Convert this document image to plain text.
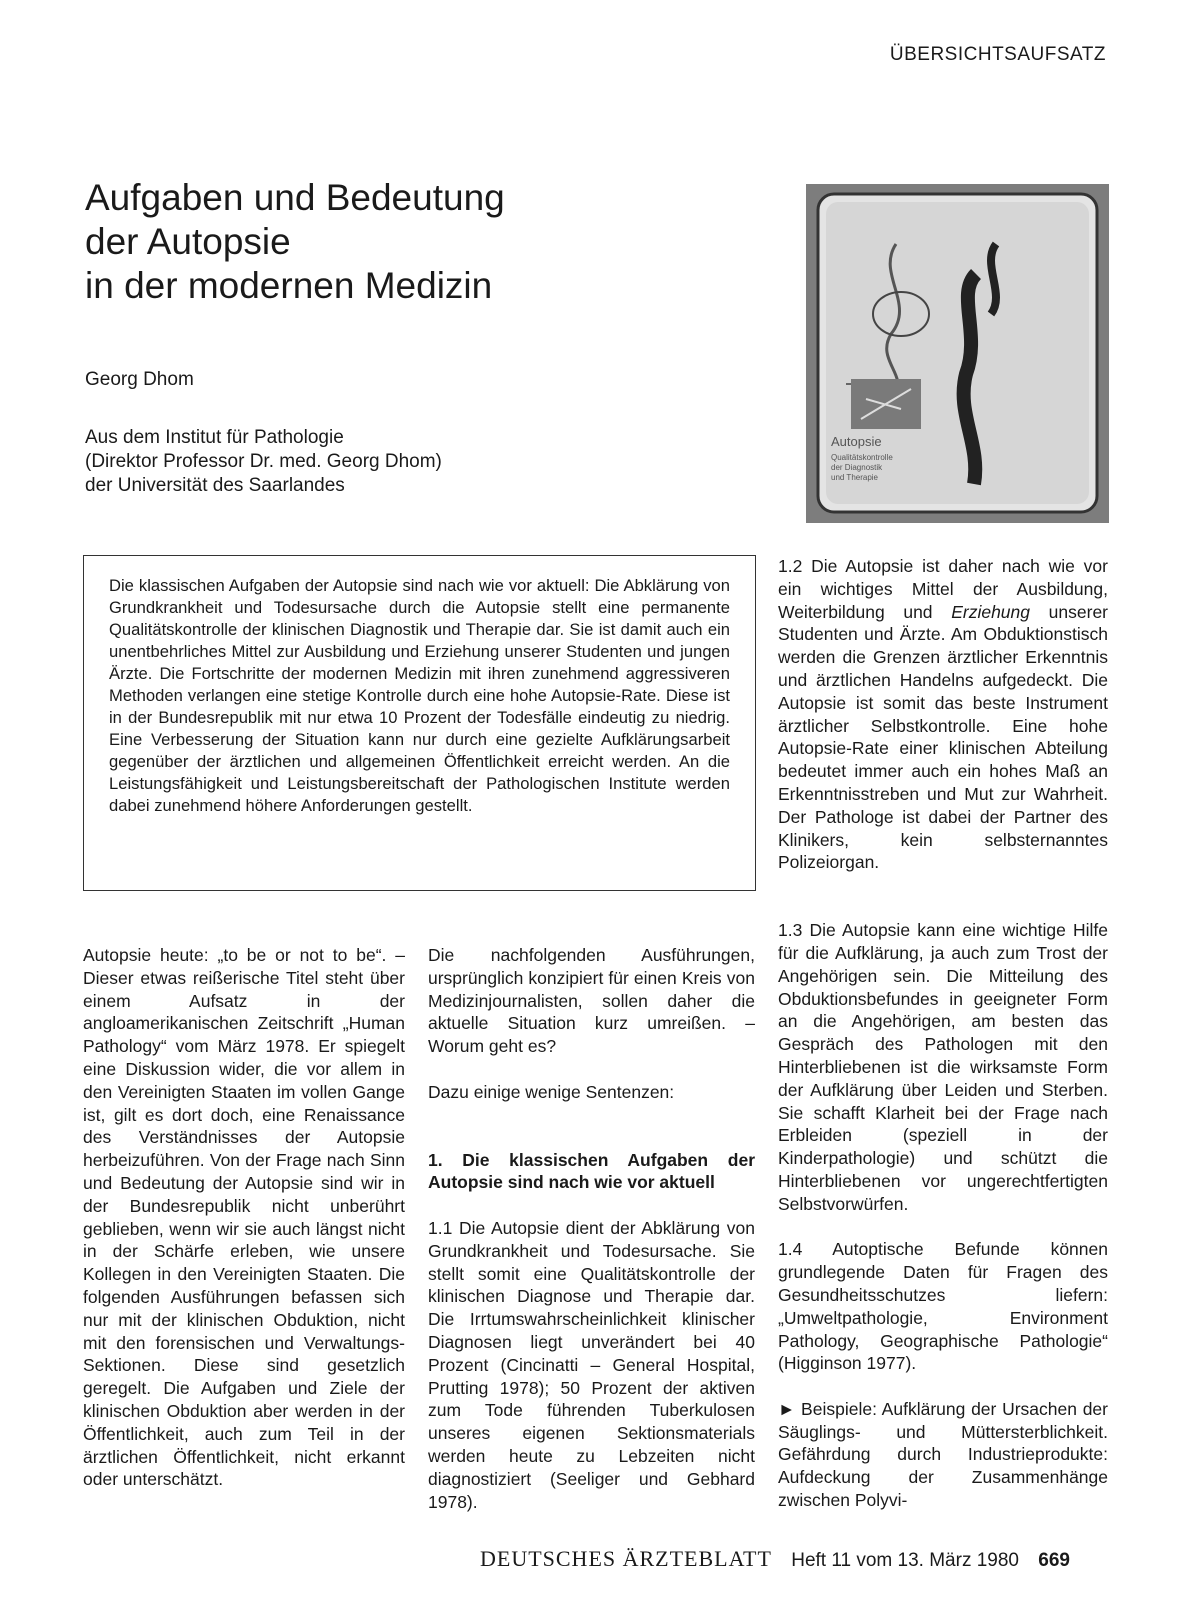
ÜBERSICHTSAUFSATZ
Aufgaben und Bedeutung
der Autopsie
in der modernen Medizin
Georg Dhom
Aus dem Institut für Pathologie
(Direktor Professor Dr. med. Georg Dhom)
der Universität des Saarlandes
Autopsie
Qualitätskontrolle
der Diagnostik
und Therapie

Die klassischen Aufgaben der Autopsie sind nach wie vor aktuell: Die Abklärung von Grundkrankheit und Todesursache durch die Autopsie stellt eine permanente Qualitätskontrolle der klinischen Diagnostik und Therapie dar. Sie ist damit auch ein unentbehrliches Mittel zur Ausbildung und Erziehung unserer Studenten und jungen Ärzte. Die Fortschritte der modernen Medizin mit ihren zunehmend aggressiveren Methoden verlangen eine stetige Kontrolle durch eine hohe Autopsie-Rate. Diese ist in der Bundesrepublik mit nur etwa 10 Prozent der Todesfälle eindeutig zu niedrig. Eine Verbesserung der Situation kann nur durch eine gezielte Aufklärungsarbeit gegenüber der ärztlichen und allgemeinen Öffentlichkeit erreicht werden. An die Leistungsfähigkeit und Leistungsbereitschaft der Pathologischen Institute werden dabei zunehmend höhere Anforderungen gestellt.

1.2 Die Autopsie ist daher nach wie vor ein wichtiges Mittel der Ausbildung, Weiterbildung und Erziehung unserer Studenten und Ärzte. Am Obduktionstisch werden die Grenzen ärztlicher Erkenntnis und ärztlichen Handelns aufgedeckt. Die Autopsie ist somit das beste Instrument ärztlicher Selbstkontrolle. Eine hohe Autopsie-Rate einer klinischen Abteilung bedeutet immer auch ein hohes Maß an Erkenntnisstreben und Mut zur Wahrheit. Der Pathologe ist dabei der Partner des Klinikers, kein selbsternanntes Polizeiorgan.

1.3 Die Autopsie kann eine wichtige Hilfe für die Aufklärung, ja auch zum Trost der Angehörigen sein. Die Mitteilung des Obduktionsbefundes in geeigneter Form an die Angehörigen, am besten das Gespräch des Pathologen mit den Hinterbliebenen ist die wirksamste Form der Aufklärung über Leiden und Sterben. Sie schafft Klarheit bei der Frage nach Erbleiden (speziell in der Kinderpathologie) und schützt die Hinterbliebenen vor ungerechtfertigten Selbstvorwürfen.

1.4 Autoptische Befunde können grundlegende Daten für Fragen des Gesundheitsschutzes liefern: „Umweltpathologie, Environment Pathology, Geographische Pathologie“ (Higginson 1977).

► Beispiele: Aufklärung der Ursachen der Säuglings- und Müttersterblichkeit. Gefährdung durch Industrieprodukte: Aufdeckung der Zusammenhänge zwischen Polyvi-

Autopsie heute: „to be or not to be“. – Dieser etwas reißerische Titel steht über einem Aufsatz in der angloamerikanischen Zeitschrift „Human Pathology“ vom März 1978. Er spiegelt eine Diskussion wider, die vor allem in den Vereinigten Staaten im vollen Gange ist, gilt es dort doch, eine Renaissance des Verständnisses der Autopsie herbeizuführen. Von der Frage nach Sinn und Bedeutung der Autopsie sind wir in der Bundesrepublik nicht unberührt geblieben, wenn wir sie auch längst nicht in der Schärfe erleben, wie unsere Kollegen in den Vereinigten Staaten. Die folgenden Ausführungen befassen sich nur mit der klinischen Obduktion, nicht mit den forensischen und Verwaltungs-Sektionen. Diese sind gesetzlich geregelt. Die Aufgaben und Ziele der klinischen Obduktion aber werden in der Öffentlichkeit, auch zum Teil in der ärztlichen Öffentlichkeit, nicht erkannt oder unterschätzt.

Die nachfolgenden Ausführungen, ursprünglich konzipiert für einen Kreis von Medizinjournalisten, sollen daher die aktuelle Situation kurz umreißen. – Worum geht es?

Dazu einige wenige Sentenzen:

1. Die klassischen Aufgaben der Autopsie sind nach wie vor aktuell

1.1 Die Autopsie dient der Abklärung von Grundkrankheit und Todesursache. Sie stellt somit eine Qualitätskontrolle der klinischen Diagnose und Therapie dar. Die Irrtumswahrscheinlichkeit klinischer Diagnosen liegt unverändert bei 40 Prozent (Cincinatti – General Hospital, Prutting 1978); 50 Prozent der aktiven zum Tode führenden Tuberkulosen unseres eigenen Sektionsmaterials werden heute zu Lebzeiten nicht diagnostiziert (Seeliger und Gebhard 1978).

DEUTSCHES ÄRZTEBLATT Heft 11 vom 13. März 1980 669
